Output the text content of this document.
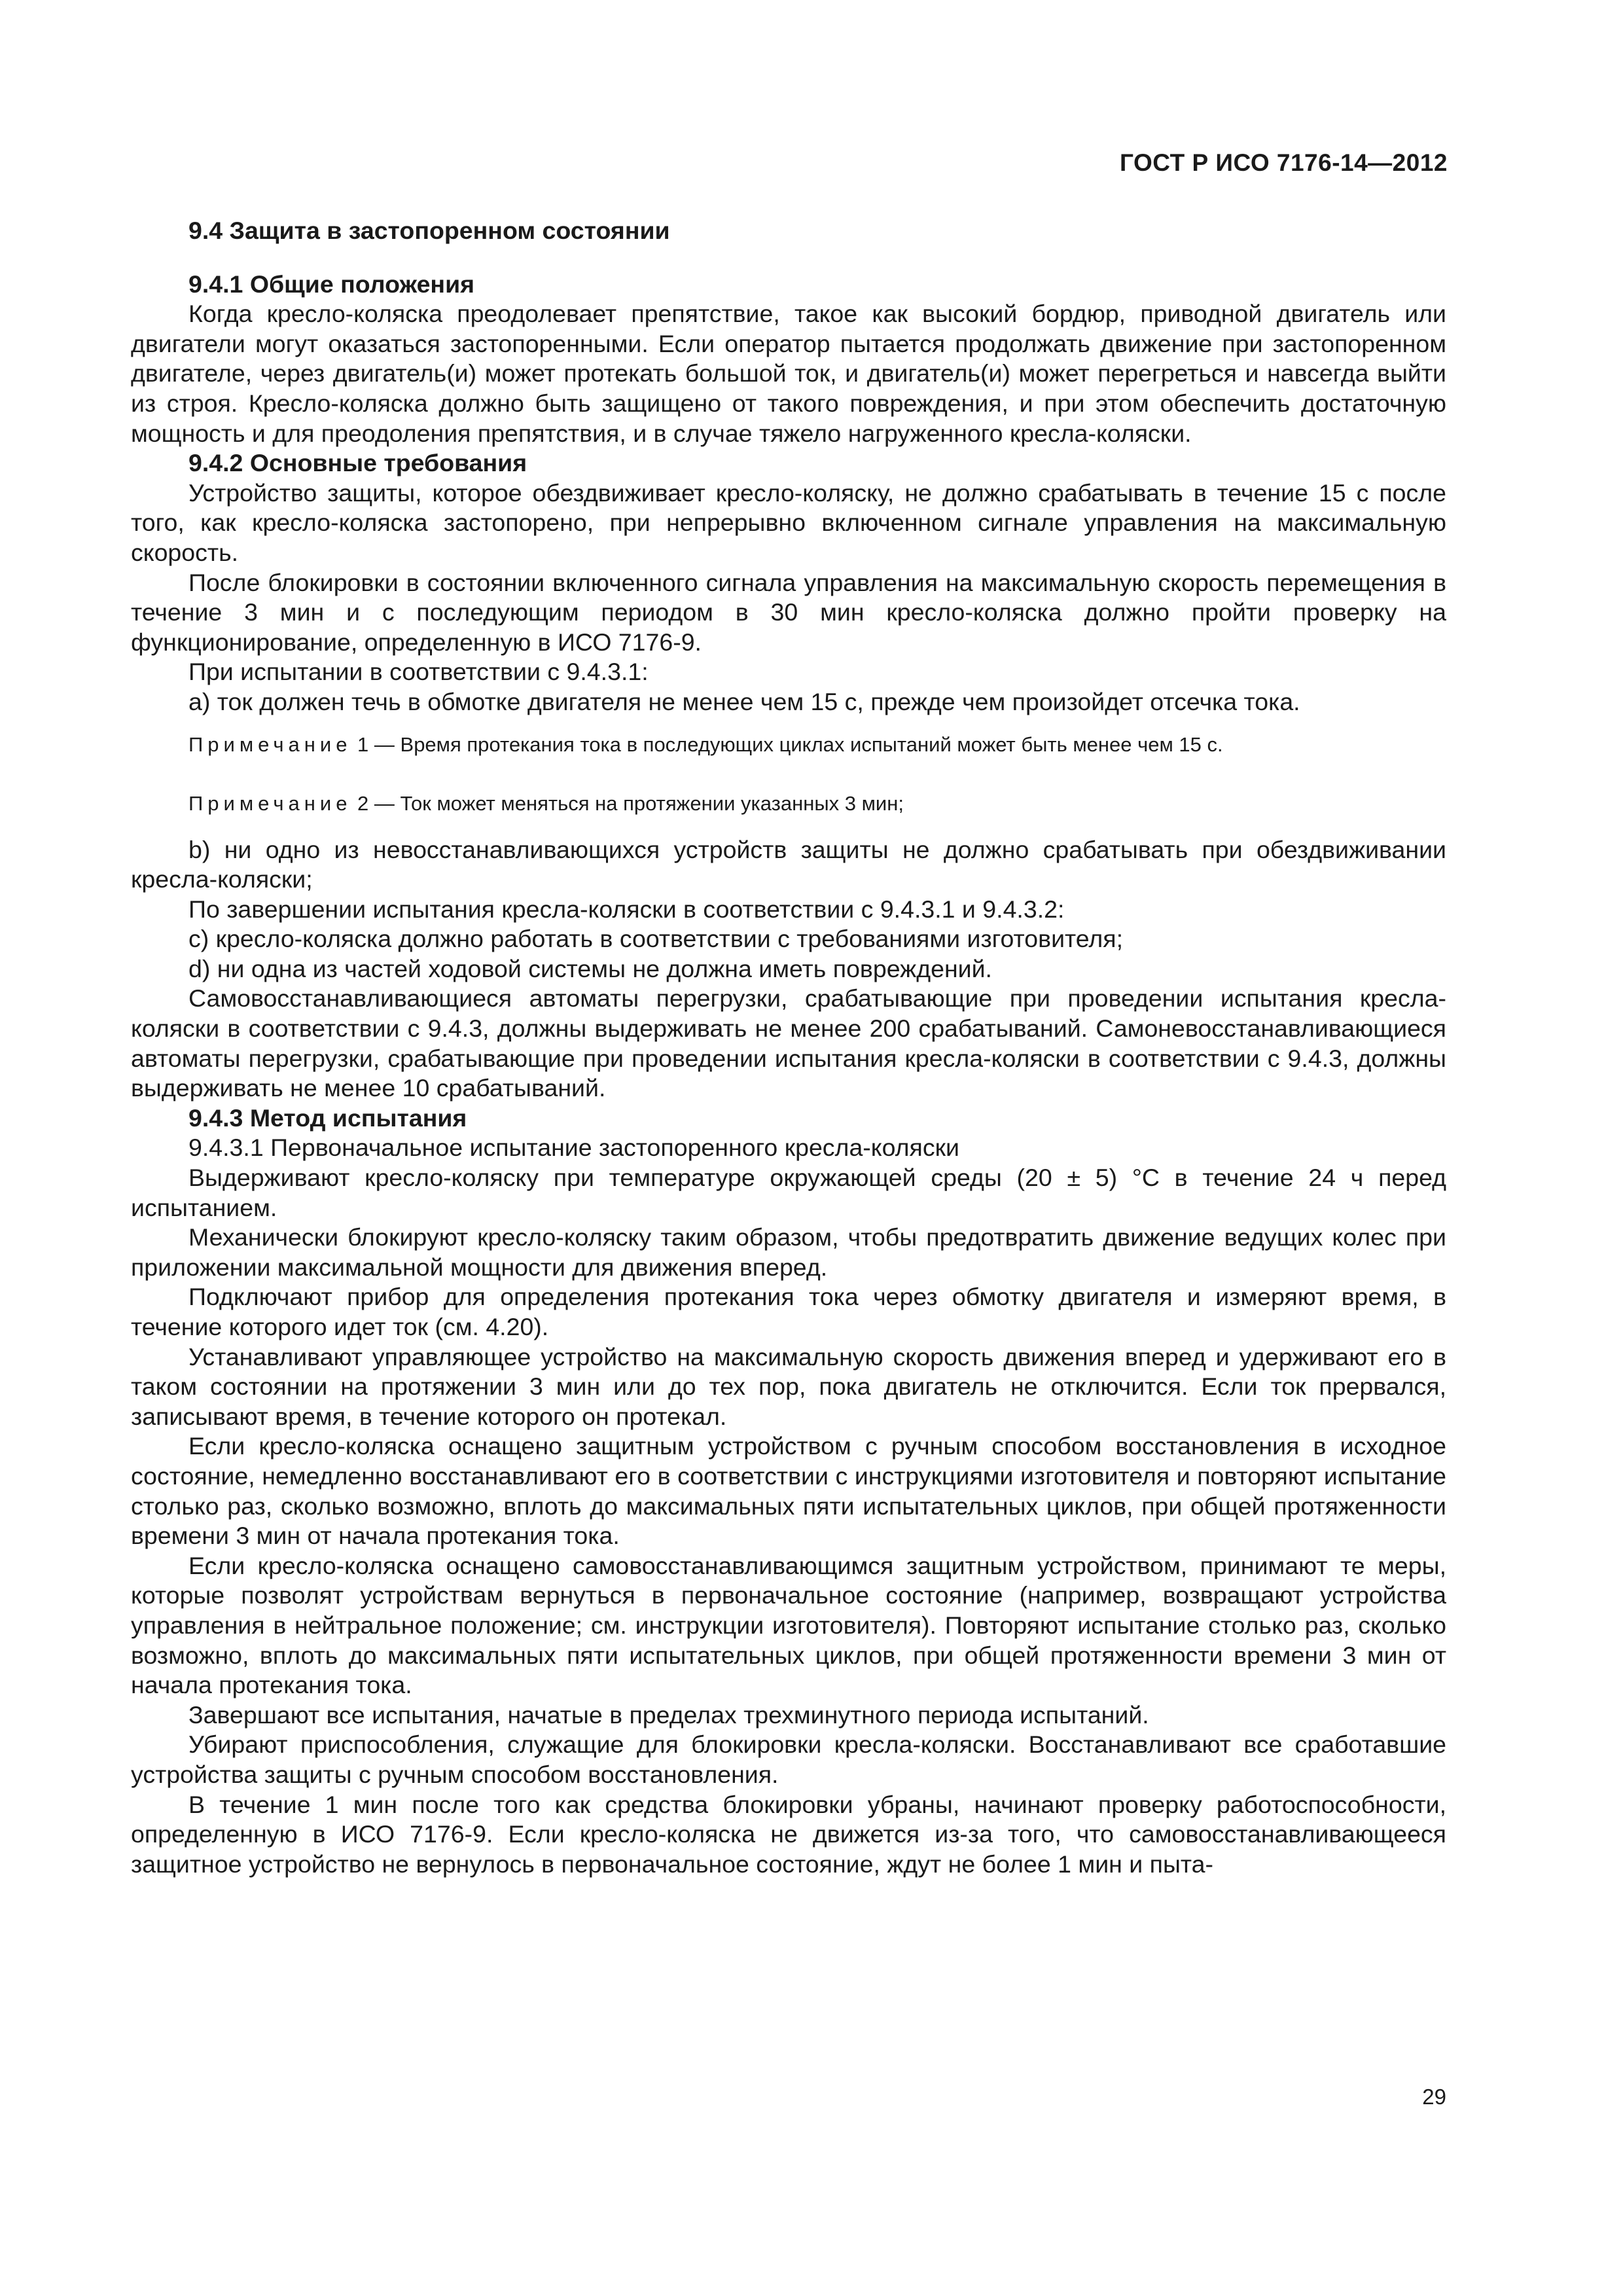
ГОСТ Р ИСО 7176-14—2012

9.4 Защита в застопоренном состоянии

9.4.1 Общие положения

Когда кресло-коляска преодолевает препятствие, такое как высокий бордюр, приводной двигатель или двигатели могут оказаться застопоренными. Если оператор пытается продолжать движение при застопоренном двигателе, через двигатель(и) может протекать большой ток, и двигатель(и) может перегреться и навсегда выйти из строя. Кресло-коляска должно быть защищено от такого повреждения, и при этом обеспечить достаточную мощность и для преодоления препятствия, и в случае тяжело нагруженного кресла-коляски.

9.4.2 Основные требования

Устройство защиты, которое обездвиживает кресло-коляску, не должно срабатывать в течение 15 с после того, как кресло-коляска застопорено, при непрерывно включенном сигнале управления на максимальную скорость.

После блокировки в состоянии включенного сигнала управления на максимальную скорость перемещения в течение 3 мин и с последующим периодом в 30 мин кресло-коляска должно пройти проверку на функционирование, определенную в ИСО 7176-9.

При испытании в соответствии с 9.4.3.1:

а) ток должен течь в обмотке двигателя не менее чем 15 с, прежде чем произойдет отсечка тока.

Примечание 1 — Время протекания тока в последующих циклах испытаний может быть менее чем 15 с.

Примечание 2 — Ток может меняться на протяжении указанных 3 мин;

b) ни одно из невосстанавливающихся устройств защиты не должно срабатывать при обездвиживании кресла-коляски;

По завершении испытания кресла-коляски в соответствии с 9.4.3.1 и 9.4.3.2:

с) кресло-коляска должно работать в соответствии с требованиями изготовителя;

d) ни одна из частей ходовой системы не должна иметь повреждений.

Самовосстанавливающиеся автоматы перегрузки, срабатывающие при проведении испытания кресла-коляски в соответствии с 9.4.3, должны выдерживать не менее 200 срабатываний. Самоневосстанавливающиеся автоматы перегрузки, срабатывающие при проведении испытания кресла-коляски в соответствии с 9.4.3, должны выдерживать не менее 10 срабатываний.

9.4.3 Метод испытания

9.4.3.1 Первоначальное испытание застопоренного кресла-коляски

Выдерживают кресло-коляску при температуре окружающей среды (20 ± 5) °С в течение 24 ч перед испытанием.

Механически блокируют кресло-коляску таким образом, чтобы предотвратить движение ведущих колес при приложении максимальной мощности для движения вперед.

Подключают прибор для определения протекания тока через обмотку двигателя и измеряют время, в течение которого идет ток (см. 4.20).

Устанавливают управляющее устройство на максимальную скорость движения вперед и удерживают его в таком состоянии на протяжении 3 мин или до тех пор, пока двигатель не отключится. Если ток прервался, записывают время, в течение которого он протекал.

Если кресло-коляска оснащено защитным устройством с ручным способом восстановления в исходное состояние, немедленно восстанавливают его в соответствии с инструкциями изготовителя и повторяют испытание столько раз, сколько возможно, вплоть до максимальных пяти испытательных циклов, при общей протяженности времени 3 мин от начала протекания тока.

Если кресло-коляска оснащено самовосстанавливающимся защитным устройством, принимают те меры, которые позволят устройствам вернуться в первоначальное состояние (например, возвращают устройства управления в нейтральное положение; см. инструкции изготовителя). Повторяют испытание столько раз, сколько возможно, вплоть до максимальных пяти испытательных циклов, при общей протяженности времени 3 мин от начала протекания тока.

Завершают все испытания, начатые в пределах трехминутного периода испытаний.

Убирают приспособления, служащие для блокировки кресла-коляски. Восстанавливают все сработавшие устройства защиты с ручным способом восстановления.

В течение 1 мин после того как средства блокировки убраны, начинают проверку работоспособности, определенную в ИСО 7176-9. Если кресло-коляска не движется из-за того, что самовосстанавливающееся защитное устройство не вернулось в первоначальное состояние, ждут не более 1 мин и пыта-

29
